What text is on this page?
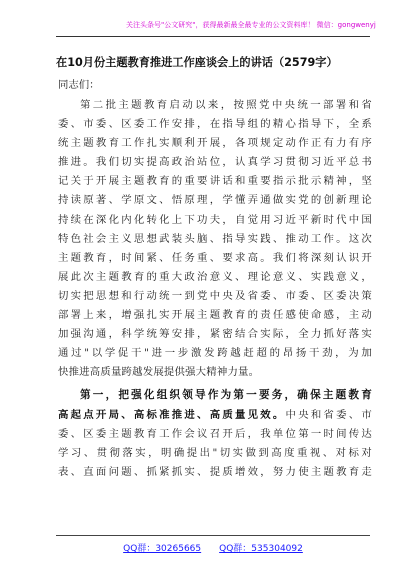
关注头条号"公文研究"，获得最新最全最专业的公文资料库！ 微信：gongwenyj
在10月份主题教育推进工作座谈会上的讲话（2579字）
同志们：
第二批主题教育启动以来，按照党中央统一部署和省
委、市委、区委工作安排，在指导组的精心指导下，全系
统主题教育工作扎实顺利开展，各项规定动作正有力有序
推进。我们切实提高政治站位，认真学习贯彻习近平总书
记关于开展主题教育的重要讲话和重要指示批示精神，坚
持读原著、学原文、悟原理，学懂弄通做实党的创新理论
持续在深化内化转化上下功夫，自觉用习近平新时代中国
特色社会主义思想武装头脑、指导实践、推动工作。这次
主题教育，时间紧、任务重、要求高。我们将深刻认识开
展此次主题教育的重大政治意义、理论意义、实践意义，
切实把思想和行动统一到党中央及省委、市委、区委决策
部署上来，增强扎实开展主题教育的责任感使命感，主动
加强沟通，科学统筹安排，紧密结合实际，全力抓好落实
通过"以学促干"进一步激发跨越赶超的昂扬干劲，为加
快推进高质量跨越发展提供强大精神力量。
第一，把强化组织领导作为第一要务，确保主题教育
高起点开局、高标准推进、高质量见效。中央和省委、市
委、区委主题教育工作会议召开后，我单位第一时间传达
学习、贯彻落实，明确提出"切实做到高度重视、对标对
表、直面问题、抓紧抓实、提质增效，努力使主题教育走
QQ群：30265665 QQ群：535304092
